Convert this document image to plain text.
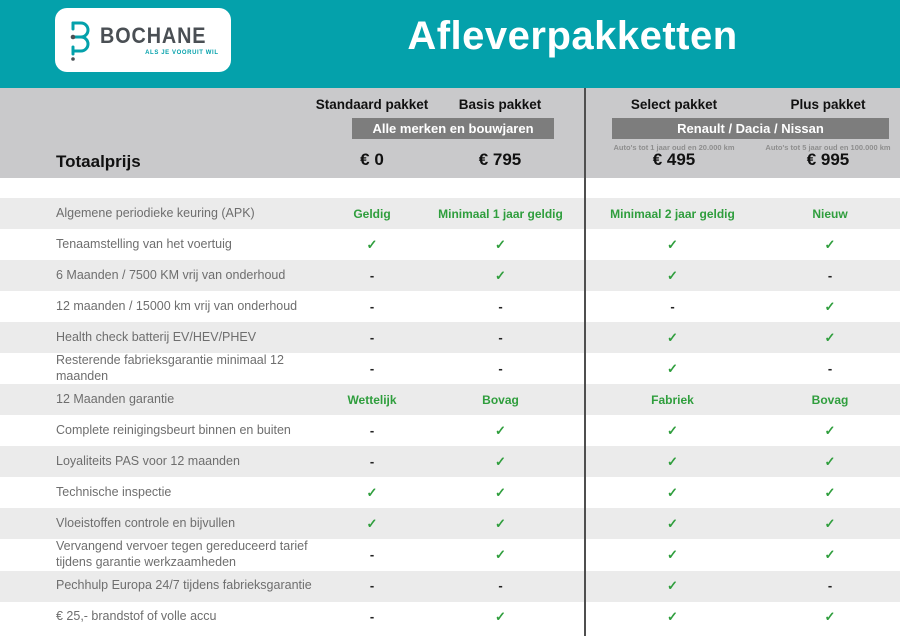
BOCHANE
ALS JE VOORUIT WIL	Afleverpakketten
Standaard pakket	Basis pakket	Select pakket	Plus pakket
Alle merken en bouwjaren	Renault / Dacia / Nissan
Auto's tot 1 jaar oud en 20.000 km	Auto's tot 5 jaar oud en 100.000 km
Totaalprijs	€ 0	€ 795	€ 495	€ 995
Algemene periodieke keuring (APK)	Geldig	Minimaal 1 jaar geldig	Minimaal 2 jaar geldig	Nieuw
Tenaamstelling van het voertuig	✓	✓	✓	✓
6 Maanden / 7500 KM vrij van onderhoud	-	✓	✓	-
12 maanden / 15000 km vrij van onderhoud	-	-	-	✓
Health check batterij EV/HEV/PHEV	-	-	✓	✓
Resterende fabrieksgarantie minimaal 12 maanden	-	-	✓	-
12 Maanden garantie	Wettelijk	Bovag	Fabriek	Bovag
Complete reinigingsbeurt binnen en buiten	-	✓	✓	✓
Loyaliteits PAS voor 12 maanden	-	✓	✓	✓
Technische inspectie	✓	✓	✓	✓
Vloeistoffen controle en bijvullen	✓	✓	✓	✓
Vervangend vervoer tegen gereduceerd tarief tijdens garantie werkzaamheden	-	✓	✓	✓
Pechhulp Europa 24/7 tijdens fabrieksgarantie	-	-	✓	-
€ 25,- brandstof of volle accu	-	✓	✓	✓
